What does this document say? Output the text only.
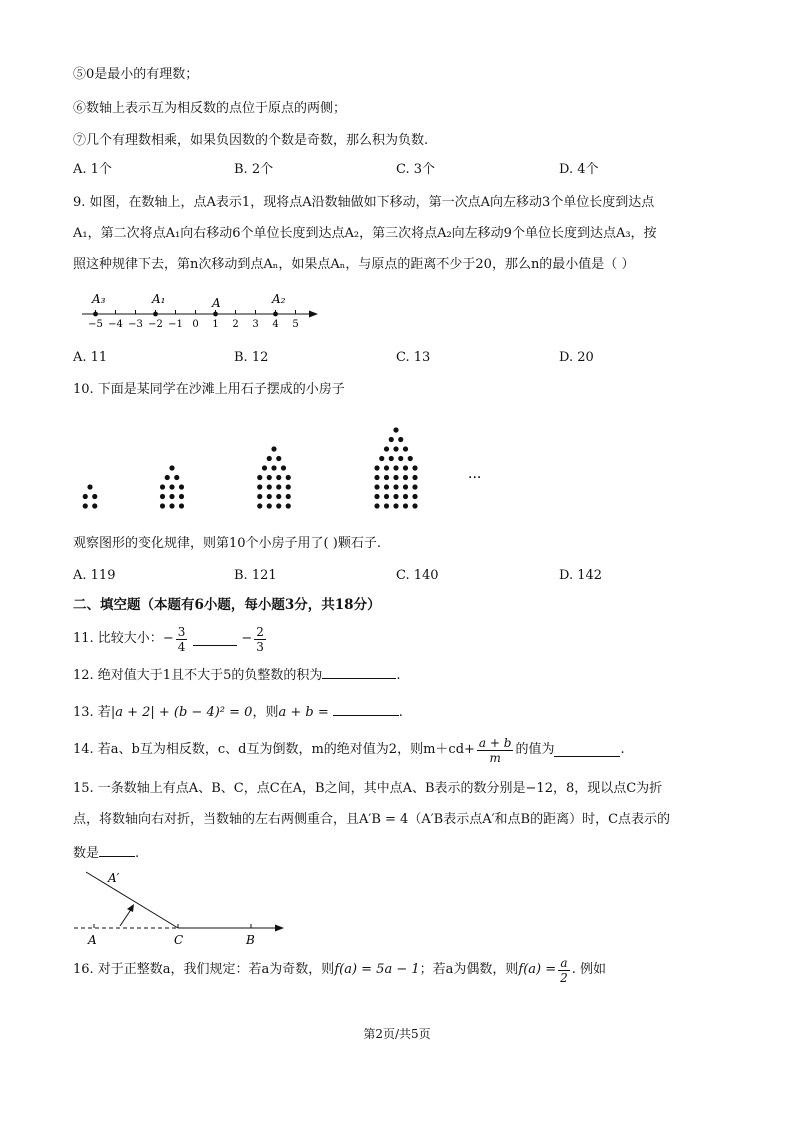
⑤0是最小的有理数；
⑥数轴上表示互为相反数的点位于原点的两侧；
⑦几个有理数相乘，如果负因数的个数是奇数，那么积为负数.
A. 1个	B. 2个	C. 3个	D. 4个
9. 如图，在数轴上，点A表示1，现将点A沿数轴做如下移动，第一次点A向左移动3个单位长度到达点
A₁，第二次将点A₁向右移动6个单位长度到达点A₂，第三次将点A₂向左移动9个单位长度到达点A₃，按
照这种规律下去，第n次移动到点Aₙ，如果点Aₙ，与原点的距离不少于20，那么n的最小值是（ ）
−5 −4 −3 −2 −1 0 1 2 3 4 5
A₃	A₁	A	A₂
A. 11	B. 12	C. 13	D. 20
10. 下面是某同学在沙滩上用石子摆成的小房子
···
观察图形的变化规律，则第10个小房子用了( )颗石子.
A. 119	B. 121	C. 140	D. 142
二、填空题（本题有6小题，每小题3分，共18分）
11. 比较大小： − $\frac{3}{4}$	− $\frac{2}{3}$
12. 绝对值大于1且不大于5的负整数的积为	.
13. 若|a + 2| + (b − 4)² = 0，则a + b =	.
14. 若a、b互为相反数，c、d互为倒数，m的绝对值为2，则$m+cd+ \frac{a + b}{m}$ 的值为	.
15. 一条数轴上有点A、B、C，点C在A，B之间，其中点A、B表示的数分别是−12，8，现以点C为折
点，将数轴向右对折，当数轴的左右两侧重合，且A′B = 4（A′B表示点A′和点B的距离）时，C点表示的
数是	.
A′
A	C	B
16. 对于正整数a，我们规定：若a为奇数，则 f(a) = 5a − 1 ；若a为偶数，则 $f(a) = \frac{a}{2}$ . 例如
第2页/共5页
